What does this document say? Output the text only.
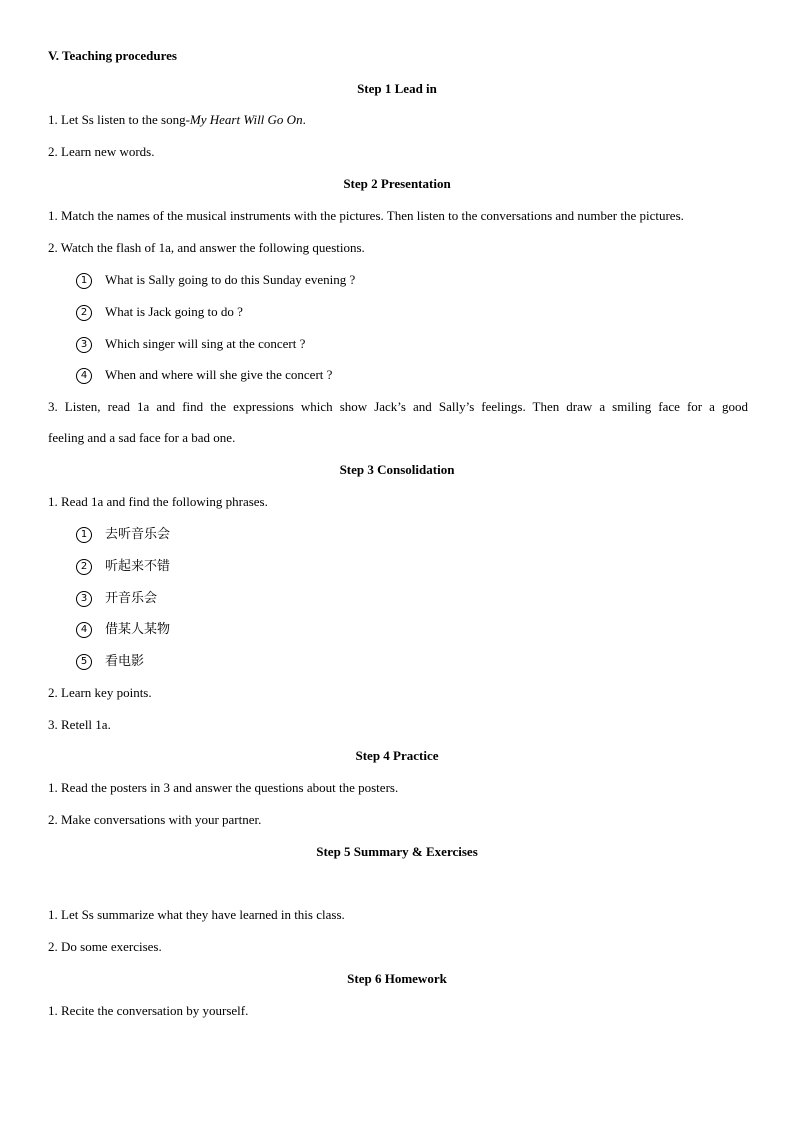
V. Teaching procedures
Step 1 Lead in
1. Let Ss listen to the song-My Heart Will Go On.
2. Learn new words.
Step 2 Presentation
1. Match the names of the musical instruments with the pictures. Then listen to the conversations and number the pictures.
2. Watch the flash of 1a, and answer the following questions.
1 What is Sally going to do this Sunday evening ?
2 What is Jack going to do ?
3 Which singer will sing at the concert ?
4 When and where will she give the concert ?
3. Listen, read 1a and find the expressions which show Jack’s and Sally’s feelings. Then draw a smiling face for a good
feeling and a sad face for a bad one.
Step 3 Consolidation
1. Read 1a and find the following phrases.
1 去听音乐会
2 听起来不错
3 开音乐会
4 借某人某物
5 看电影
2. Learn key points.
3. Retell 1a.
Step 4 Practice
1. Read the posters in 3 and answer the questions about the posters.
2. Make conversations with your partner.
Step 5 Summary & Exercises
1. Let Ss summarize what they have learned in this class.
2. Do some exercises.
Step 6 Homework
1. Recite the conversation by yourself.
